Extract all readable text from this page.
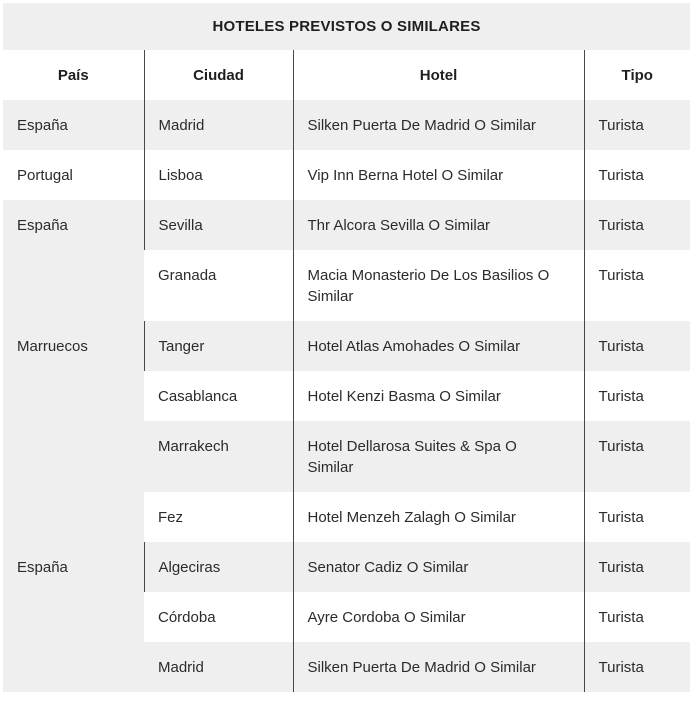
HOTELES PREVISTOS O SIMILARES
País	Ciudad	Hotel	Tipo
España	Madrid	Silken Puerta De Madrid O Similar	Turista
Portugal	Lisboa	Vip Inn Berna Hotel O Similar	Turista
España	Sevilla	Thr Alcora Sevilla O Similar	Turista
	Granada	Macia Monasterio De Los Basilios O Similar	Turista
Marruecos	Tanger	Hotel Atlas Amohades O Similar	Turista
	Casablanca	Hotel Kenzi Basma O Similar	Turista
	Marrakech	Hotel Dellarosa Suites & Spa O Similar	Turista
	Fez	Hotel Menzeh Zalagh O Similar	Turista
España	Algeciras	Senator Cadiz O Similar	Turista
	Córdoba	Ayre Cordoba O Similar	Turista
	Madrid	Silken Puerta De Madrid O Similar	Turista
